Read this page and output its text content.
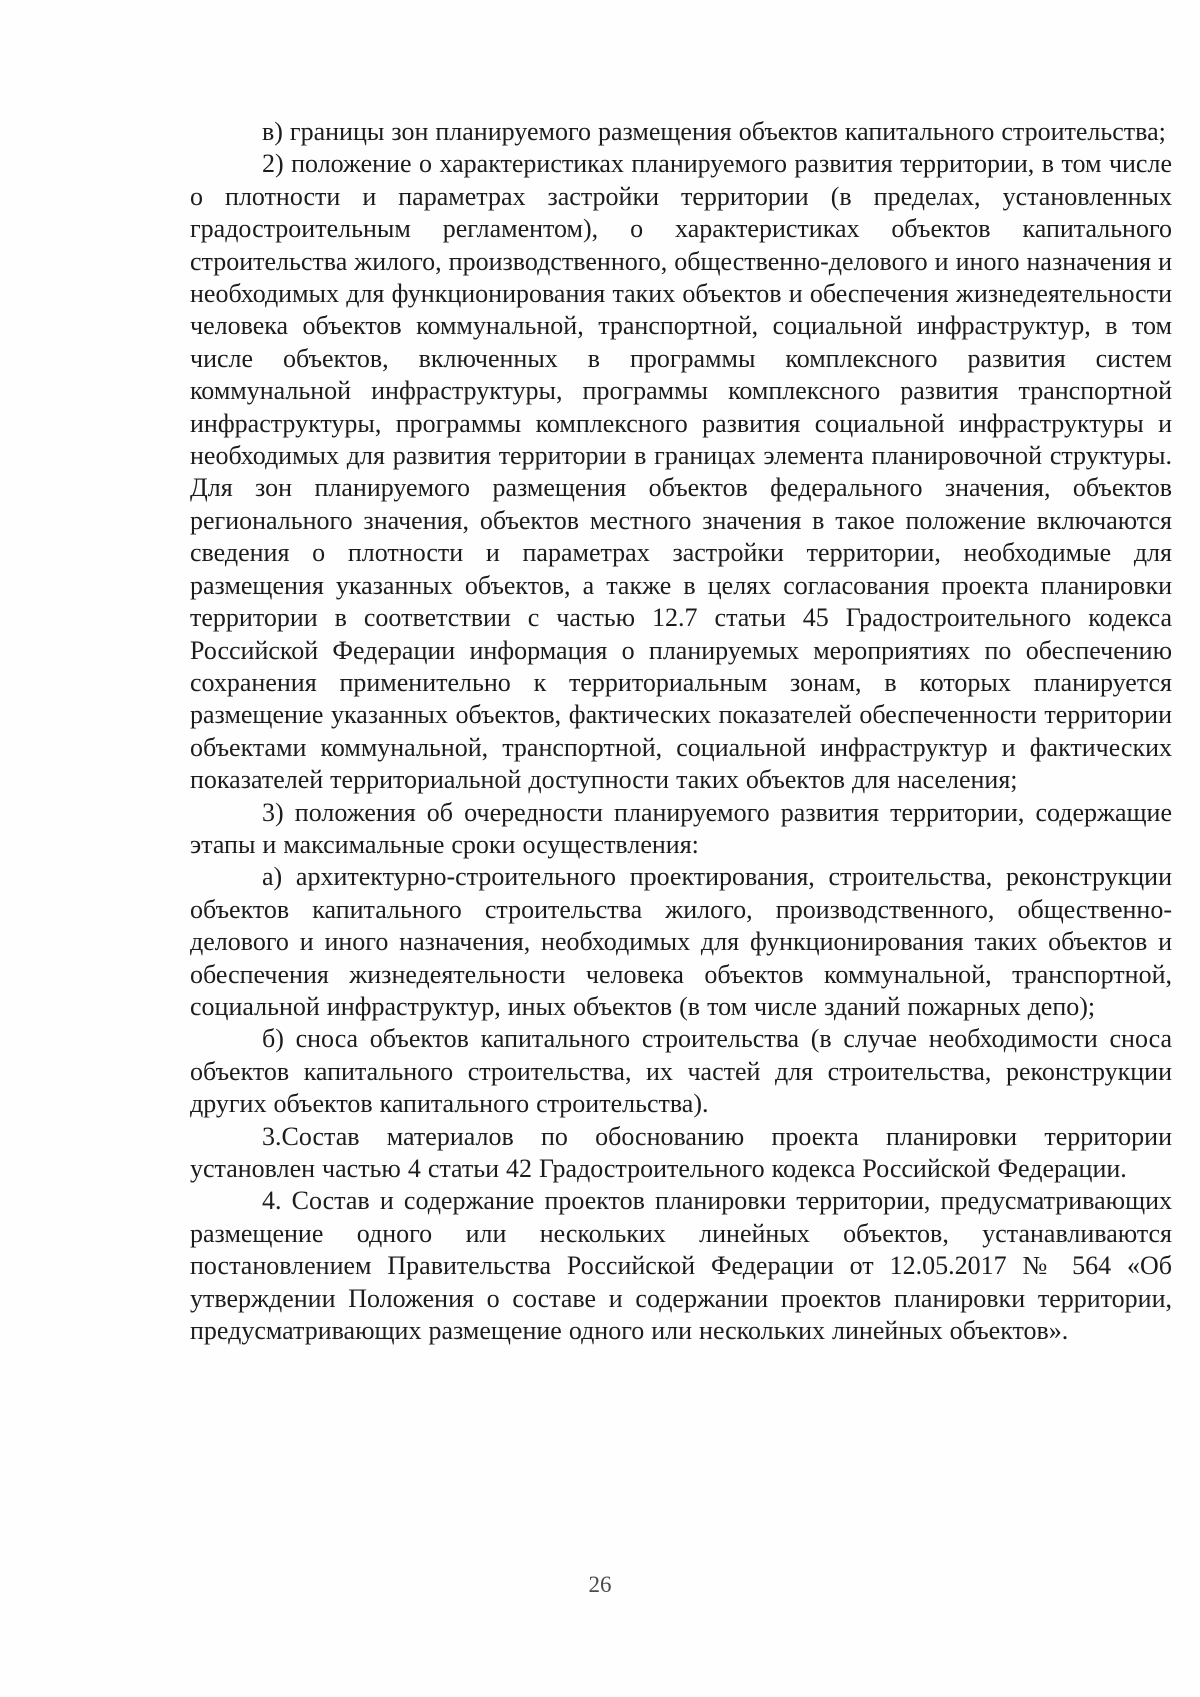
в) границы зон планируемого размещения объектов капитального строительства;

2) положение о характеристиках планируемого развития территории, в том числе о плотности и параметрах застройки территории (в пределах, установленных градостроительным регламентом), о характеристиках объектов капитального строительства жилого, производственного, общественно-делового и иного назначения и необходимых для функционирования таких объектов и обеспечения жизнедеятельности человека объектов коммунальной, транспортной, социальной инфраструктур, в том числе объектов, включенных в программы комплексного развития систем коммунальной инфраструктуры, программы комплексного развития транспортной инфраструктуры, программы комплексного развития социальной инфраструктуры и необходимых для развития территории в границах элемента планировочной структуры. Для зон планируемого размещения объектов федерального значения, объектов регионального значения, объектов местного значения в такое положение включаются сведения о плотности и параметрах застройки территории, необходимые для размещения указанных объектов, а также в целях согласования проекта планировки территории в соответствии с частью 12.7 статьи 45 Градостроительного кодекса Российской Федерации информация о планируемых мероприятиях по обеспечению сохранения применительно к территориальным зонам, в которых планируется размещение указанных объектов, фактических показателей обеспеченности территории объектами коммунальной, транспортной, социальной инфраструктур и фактических показателей территориальной доступности таких объектов для населения;

3) положения об очередности планируемого развития территории, содержащие этапы и максимальные сроки осуществления:

а) архитектурно-строительного проектирования, строительства, реконструкции объектов капитального строительства жилого, производственного, общественно-делового и иного назначения, необходимых для функционирования таких объектов и обеспечения жизнедеятельности человека объектов коммунальной, транспортной, социальной инфраструктур, иных объектов (в том числе зданий пожарных депо);

б) сноса объектов капитального строительства (в случае необходимости сноса объектов капитального строительства, их частей для строительства, реконструкции других объектов капитального строительства).

3.Состав материалов по обоснованию проекта планировки территории установлен частью 4 статьи 42 Градостроительного кодекса Российской Федерации.

4. Состав и содержание проектов планировки территории, предусматривающих размещение одного или нескольких линейных объектов, устанавливаются постановлением Правительства Российской Федерации от 12.05.2017 № 564 «Об утверждении Положения о составе и содержании проектов планировки территории, предусматривающих размещение одного или нескольких линейных объектов».

26
